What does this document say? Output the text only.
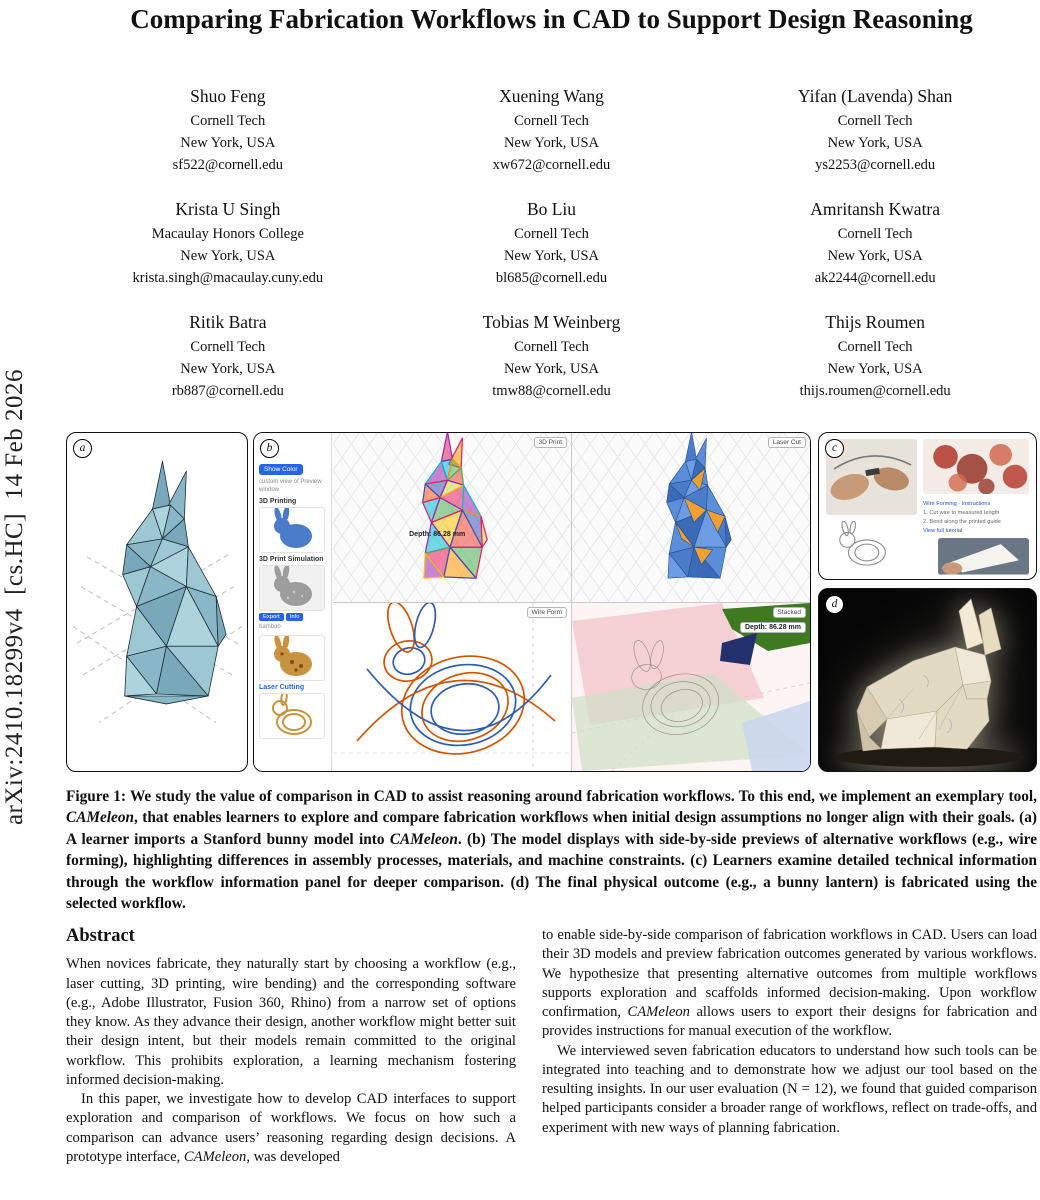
arXiv:2410.18299v4  [cs.HC]  14 Feb 2026
Comparing Fabrication Workflows in CAD to Support Design Reasoning
Shuo Feng
Cornell Tech
New York, USA
sf522@cornell.edu
Xuening Wang
Cornell Tech
New York, USA
xw672@cornell.edu
Yifan (Lavenda) Shan
Cornell Tech
New York, USA
ys2253@cornell.edu
Krista U Singh
Macaulay Honors College
New York, USA
krista.singh@macaulay.cuny.edu
Bo Liu
Cornell Tech
New York, USA
bl685@cornell.edu
Amritansh Kwatra
Cornell Tech
New York, USA
ak2244@cornell.edu
Ritik Batra
Cornell Tech
New York, USA
rb887@cornell.edu
Tobias M Weinberg
Cornell Tech
New York, USA
tmw88@cornell.edu
Thijs Roumen
Cornell Tech
New York, USA
thijs.roumen@cornell.edu
a	b
Show Color
custom view of Preview window
3D Printing
3D Print Simulation
Export	Info
bamboo
Laser Cutting
3D Print
Depth: 86.28 mm
Laser Cut
Wire Form	Stacked
Depth: 86.28 mm
c
Wire Forming · Instructions
1. Cut wire to measured length
2. Bend along the printed guide
View full tutorial
d
Figure 1: We study the value of comparison in CAD to assist reasoning around fabrication workflows. To this end, we implement an exemplary tool, CAMeleon, that enables learners to explore and compare fabrication workflows when initial design assumptions no longer align with their goals. (a) A learner imports a Stanford bunny model into CAMeleon. (b) The model displays with side-by-side previews of alternative workflows (e.g., wire forming), highlighting differences in assembly processes, materials, and machine constraints. (c) Learners examine detailed technical information through the workflow information panel for deeper comparison. (d) The final physical outcome (e.g., a bunny lantern) is fabricated using the selected workflow.
Abstract

When novices fabricate, they naturally start by choosing a workflow (e.g., laser cutting, 3D printing, wire bending) and the corresponding software (e.g., Adobe Illustrator, Fusion 360, Rhino) from a narrow set of options they know. As they advance their design, another workflow might better suit their design intent, but their models remain committed to the original workflow. This prohibits exploration, a learning mechanism fostering informed decision-making.

In this paper, we investigate how to develop CAD interfaces to support exploration and comparison of workflows. We focus on how such a comparison can advance users’ reasoning regarding design decisions. A prototype interface, CAMeleon, was developed

to enable side-by-side comparison of fabrication workflows in CAD. Users can load their 3D models and preview fabrication outcomes generated by various workflows. We hypothesize that presenting alternative outcomes from multiple workflows supports exploration and scaffolds informed decision-making. Upon workflow confirmation, CAMeleon allows users to export their designs for fabrication and provides instructions for manual execution of the workflow.

We interviewed seven fabrication educators to understand how such tools can be integrated into teaching and to demonstrate how we adjust our tool based on the resulting insights. In our user evaluation (N = 12), we found that guided comparison helped participants consider a broader range of workflows, reflect on trade-offs, and experiment with new ways of planning fabrication.
